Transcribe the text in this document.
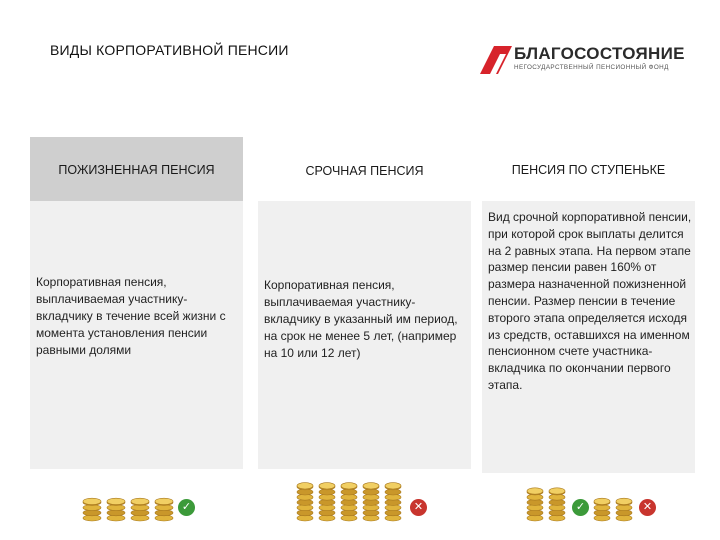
ВИДЫ КОРПОРАТИВНОЙ ПЕНСИИ	БЛАГОСОСТОЯНИЕ
НЕГОСУДАРСТВЕННЫЙ ПЕНСИОННЫЙ ФОНД
ПОЖИЗНЕННАЯ ПЕНСИЯ
Корпоративная пенсия, выплачиваемая участнику-вкладчику в течение всей жизни с момента установления пенсии равными долями
СРОЧНАЯ ПЕНСИЯ
Корпоративная пенсия, выплачиваемая участнику-вкладчику в указанный им период, на срок не менее 5 лет, (например на 10 или 12 лет)
ПЕНСИЯ ПО СТУПЕНЬКЕ
Вид срочной корпоративной пенсии, при которой срок выплаты делится на 2 равных этапа. На первом этапе размер пенсии равен 160% от размера назначенной пожизненной пенсии. Размер пенсии в течение второго этапа определяется исходя из средств, оставшихся на именном пенсионном счете участника-вкладчика по окончании первого этапа.
✓	✕	✓	✕
